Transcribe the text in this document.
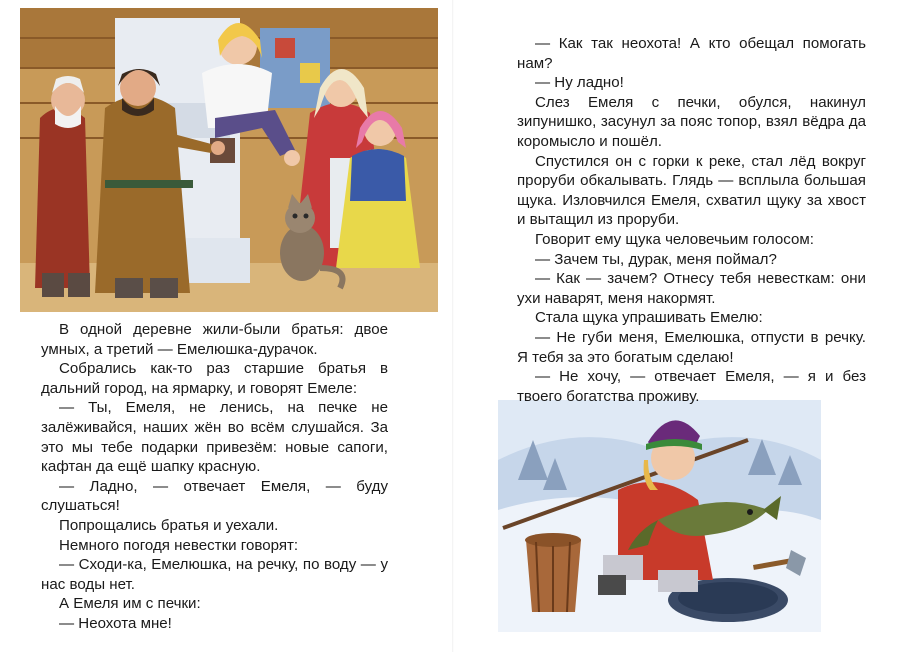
В одной деревне жили-были братья: двое умных, а третий — Емелюшка-дурачок.

Собрались как-то раз старшие братья в дальний город, на ярмарку, и говорят Емеле:

— Ты, Емеля, не ленись, на печке не залёживайся, наших жён во всём слушайся. За это мы тебе подарки привезём: новые сапоги, кафтан да ещё шапку красную.

— Ладно, — отвечает Емеля, — буду слушаться!

Попрощались братья и уехали.

Немного погодя невестки говорят:

— Сходи-ка, Емелюшка, на речку, по воду — у нас воды нет.

А Емеля им с печки:

— Неохота мне!

— Как так неохота! А кто обещал помогать нам?

— Ну ладно!

Слез Емеля с печки, обулся, накинул зипунишко, засунул за пояс топор, взял вёдра да коромысло и пошёл.

Спустился он с горки к реке, стал лёд вокруг проруби обкалывать. Глядь — всплыла большая щука. Изловчился Емеля, схватил щуку за хвост и вытащил из проруби.

Говорит ему щука человечьим голосом:

— Зачем ты, дурак, меня поймал?

— Как — зачем? Отнесу тебя невесткам: они ухи наварят, меня накормят.

Стала щука упрашивать Емелю:

— Не губи меня, Емелюшка, отпусти в речку. Я тебя за это богатым сделаю!

— Не хочу, — отвечает Емеля, — я и без твоего богатства проживу.
